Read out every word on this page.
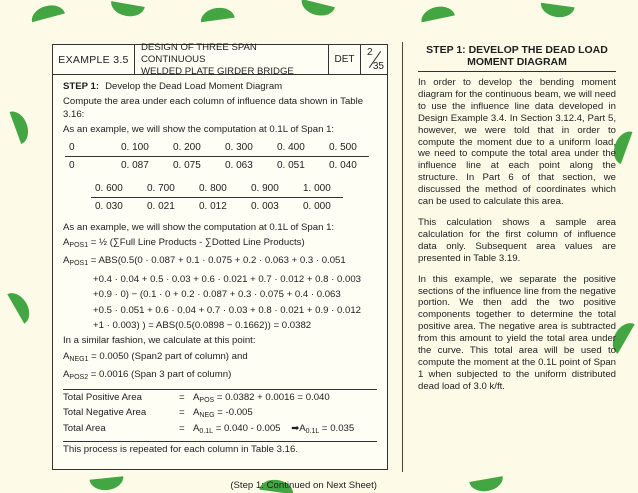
EXAMPLE 3.5
DESIGN OF THREE SPAN CONTINUOUS
WELDED PLATE GIRDER BRIDGE
DET
2
35
STEP 1: Develop the Dead Load Moment Diagram
Compute the area under each column of influence data shown in Table 3.16:
As an example, we will show the computation at 0.1L of Span 1:
0	0. 100 0. 200 0. 300 0. 400 0. 500
0	0. 087 0. 075 0. 063 0. 051 0. 040
0. 600 0. 700 0. 800 0. 900 1. 000
0. 030 0. 021 0. 012 0. 003 0. 000
As an example, we will show the computation at 0.1L of Span 1:
$A_{POS1}$ = ½ (∑Full Line Products - ∑Dotted Line Products)
$A_{POS1} = ABS(0.5(0 \cdot 0.087 + 0.1 \cdot 0.075 + 0.2 \cdot 0.063 + 0.3 \cdot 0.051$
+0.4 · 0.04 + 0.5 · 0.03 + 0.6 · 0.021 + 0.7 · 0.012 + 0.8 · 0.003
+0.9 · 0) − (0.1 · 0 + 0.2 · 0.087 + 0.3 · 0.075 + 0.4 · 0.063
+0.5 · 0.051 + 0.6 · 0.04 + 0.7 · 0.03 + 0.8 · 0.021 + 0.9 · 0.012
+1 · 0.003) ) = ABS(0.5(0.0898 − 0.1662)) = 0.0382
In a similar fashion, we calculate at this point:
$A_{NEG1} = 0.0050$ (Span2 part of column) and
$A_{POS2} = 0.0016$ (Span 3 part of column)
Total Positive Area	= $A_{POS} = 0.0382 + 0.0016 = 0.040$
Total Negative Area	= $A_{NEG} = -0.005$
Total Area	= $A_{0.1L} = 0.040 - 0.005$ $➡A_{0.1L} = 0.035$
This process is repeated for each column in Table 3.16.
(Step 1: Continued on Next Sheet)
STEP 1: DEVELOP THE DEAD LOAD
MOMENT DIAGRAM

In order to develop the bending moment diagram for the continuous beam, we will need to use the influence line data developed in Design Example 3.4. In Section 3.12.4, Part 5, however, we were told that in order to compute the moment due to a uniform load, we need to compute the total area under the influence line at each point along the structure. In Part 6 of that section, we discussed the method of coordinates which can be used to calculate this area.

This calculation shows a sample area calculation for the first column of influence data only. Subsequent area values are presented in Table 3.19.

In this example, we separate the positive sections of the influence line from the negative portion. We then add the two positive components together to determine the total positive area. The negative area is subtracted from this amount to yield the total area under the curve. This total area will be used to compute the moment at the 0.1L point of Span 1 when subjected to the uniform distributed dead load of 3.0 k/ft.
